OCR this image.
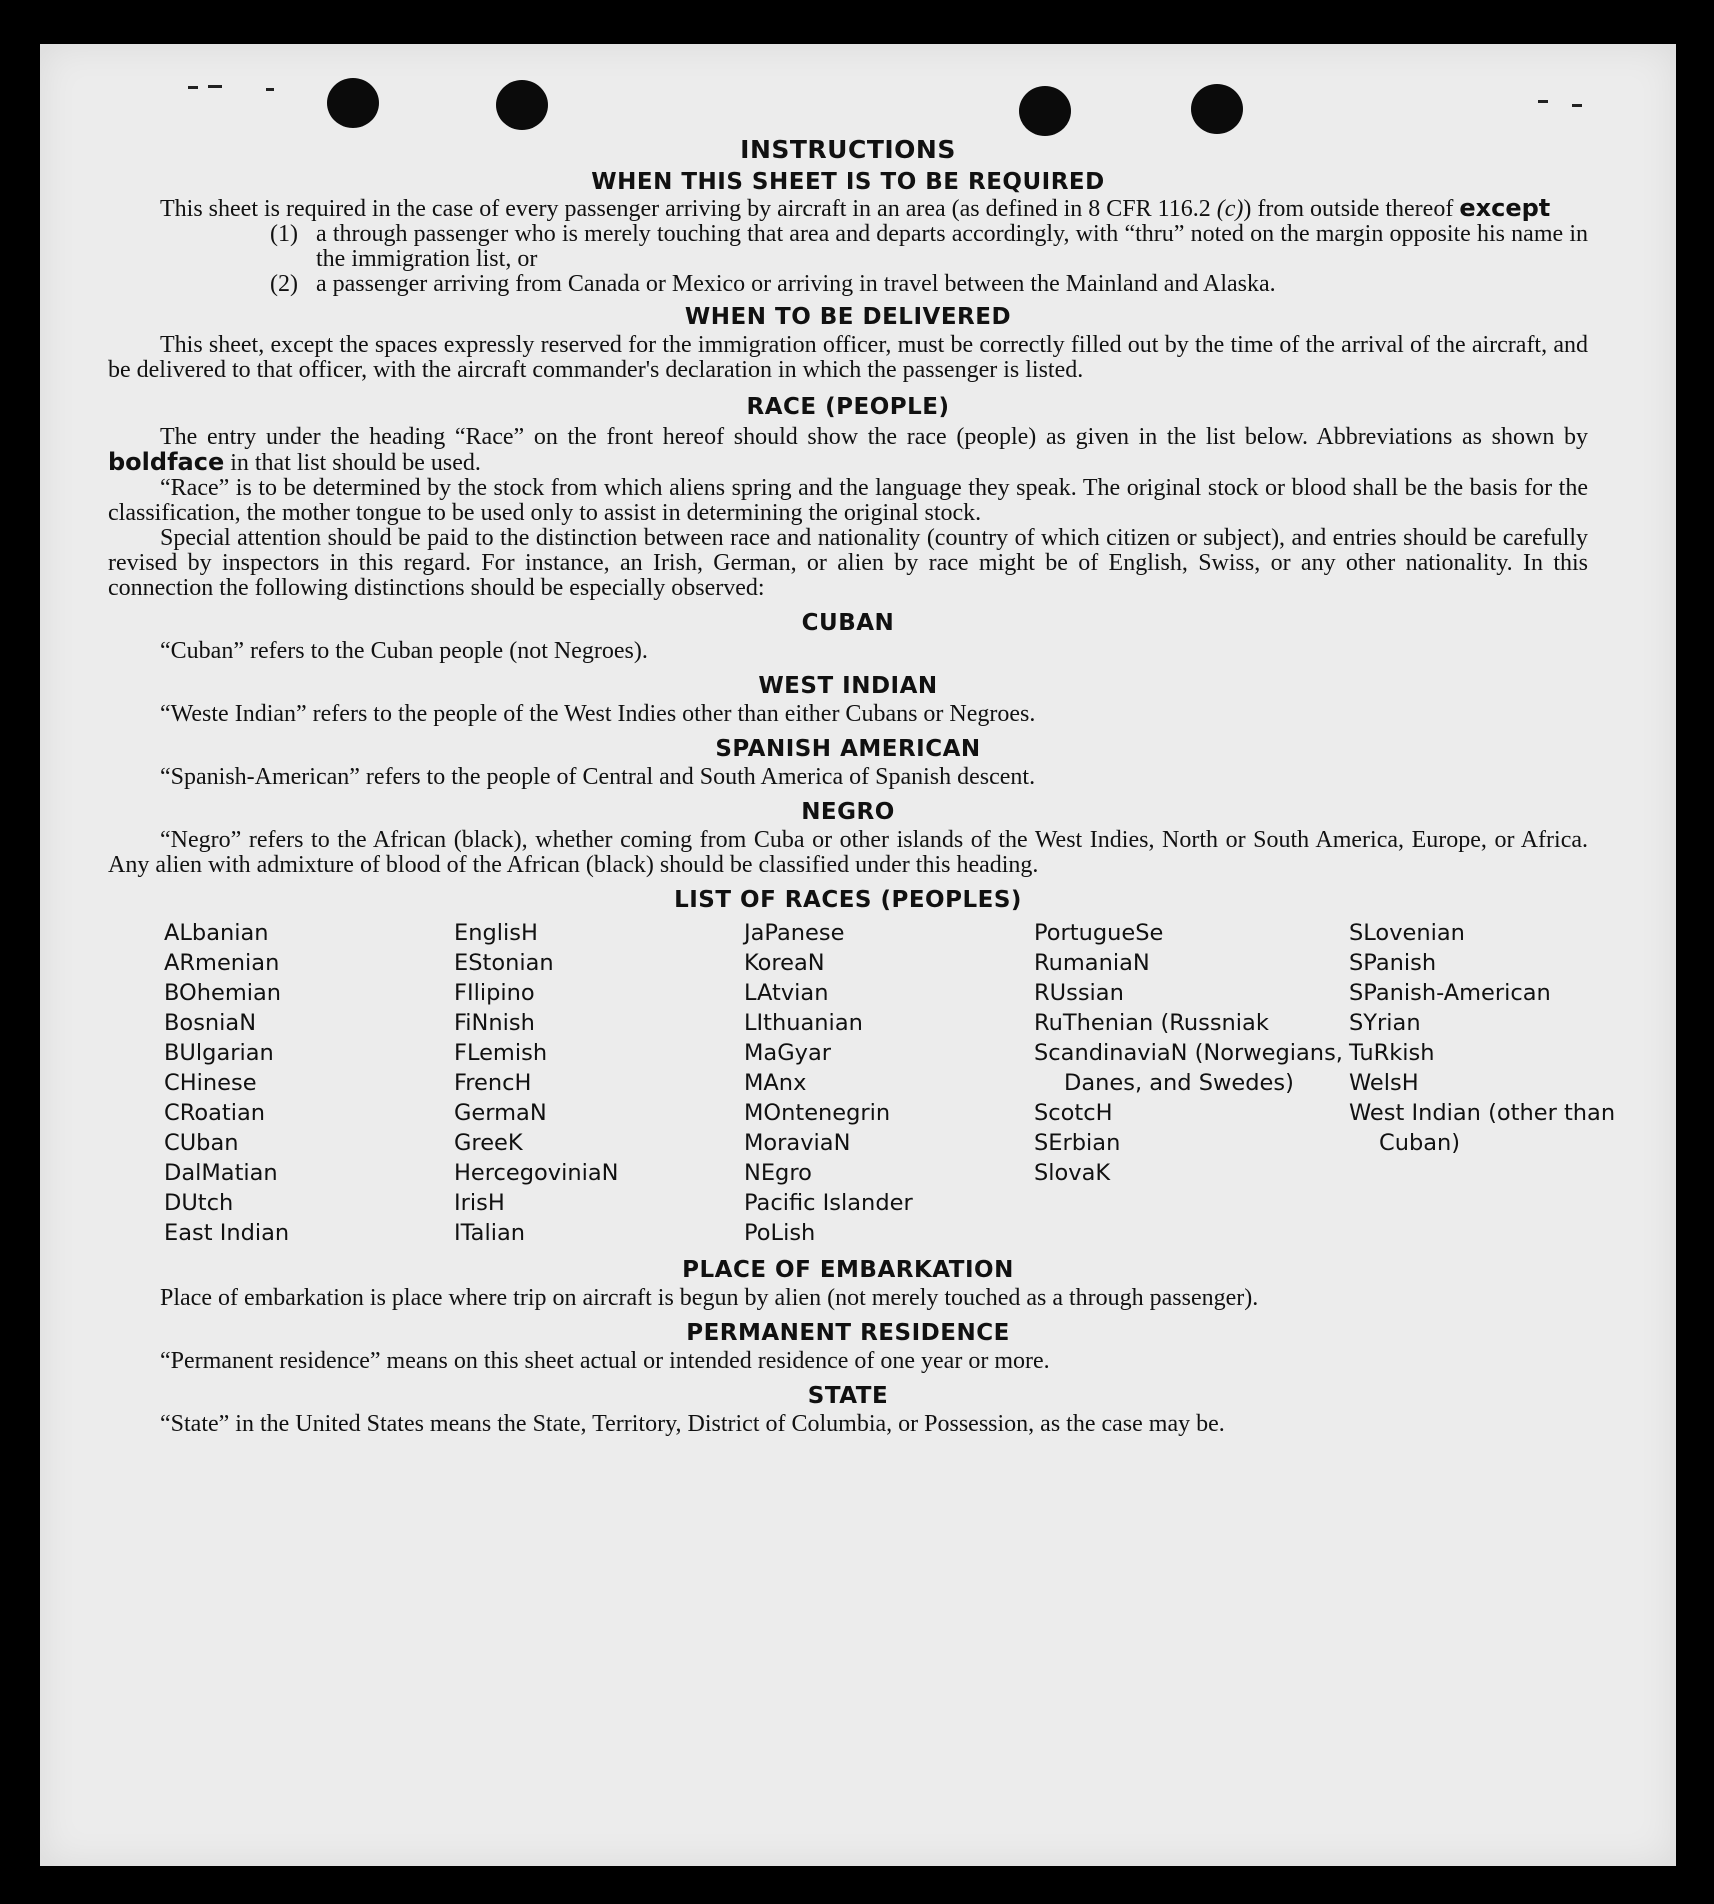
INSTRUCTIONS
WHEN THIS SHEET IS TO BE REQUIRED

This sheet is required in the case of every passenger arriving by aircraft in an area (as defined in 8 CFR 116.2 (c)) from outside thereof except

(1) a through passenger who is merely touching that area and departs accordingly, with “thru” noted on the margin opposite his name in the immigration list, or
(2) a passenger arriving from Canada or Mexico or arriving in travel between the Mainland and Alaska.
WHEN TO BE DELIVERED

This sheet, except the spaces expressly reserved for the immigration officer, must be correctly filled out by the time of the arrival of the aircraft, and be delivered to that officer, with the aircraft commander's declaration in which the passenger is listed.

RACE (PEOPLE)

The entry under the heading “Race” on the front hereof should show the race (people) as given in the list below. Abbreviations as shown by boldface in that list should be used.

“Race” is to be determined by the stock from which aliens spring and the language they speak. The original stock or blood shall be the basis for the classification, the mother tongue to be used only to assist in determining the original stock.

Special attention should be paid to the distinction between race and nationality (country of which citizen or subject), and entries should be carefully revised by inspectors in this regard. For instance, an Irish, German, or alien by race might be of English, Swiss, or any other nationality. In this connection the following distinctions should be especially observed:

CUBAN

“Cuban” refers to the Cuban people (not Negroes).

WEST INDIAN

“Weste Indian” refers to the people of the West Indies other than either Cubans or Negroes.

SPANISH AMERICAN

“Spanish-American” refers to the people of Central and South America of Spanish descent.

NEGRO

“Negro” refers to the African (black), whether coming from Cuba or other islands of the West Indies, North or South America, Europe, or Africa. Any alien with admixture of blood of the African (black) should be classified under this heading.

LIST OF RACES (PEOPLES)
ALbanian
ARmenian
BOhemian
BosniaN
BUlgarian
CHinese
CRoatian
CUban
DalMatian
DUtch
East Indian
EnglisH
EStonian
FIlipino
FiNnish
FLemish
FrencH
GermaN
GreeK
HercegoviniaN
IrisH
ITalian
JaPanese
KoreaN
LAtvian
LIthuanian
MaGyar
MAnx
MOntenegrin
MoraviaN
NEgro
Pacific Islander
PoLish
PortugueSe
RumaniaN
RUssian
RuThenian (Russniak
ScandinaviaN (Norwegians, Danes, and Swedes)
ScotcH
SErbian
SlovaK
SLovenian
SPanish
SPanish-American
SYrian
TuRkish
WelsH
West Indian (other than Cuban)
PLACE OF EMBARKATION

Place of embarkation is place where trip on aircraft is begun by alien (not merely touched as a through passenger).

PERMANENT RESIDENCE

“Permanent residence” means on this sheet actual or intended residence of one year or more.

STATE

“State” in the United States means the State, Territory, District of Columbia, or Possession, as the case may be.
